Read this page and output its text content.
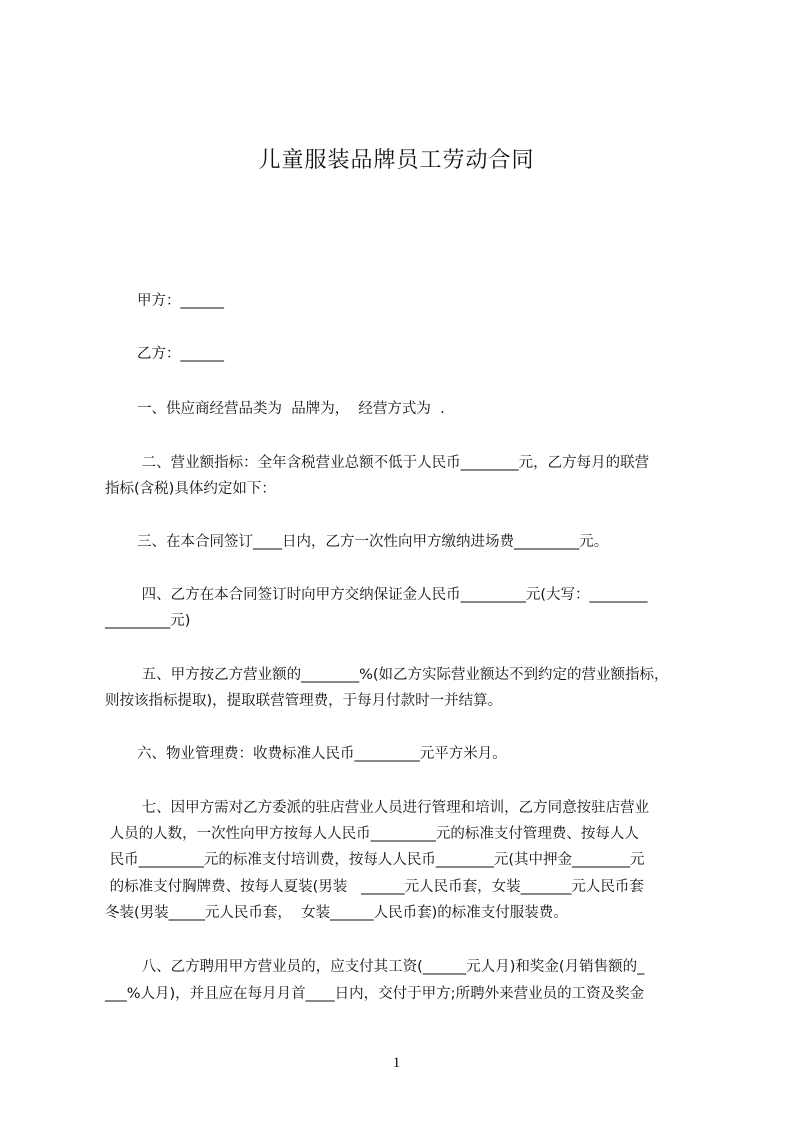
儿童服装品牌员工劳动合同
甲方：______
乙方：______
一、供应商经营品类为  品牌为，  经营方式为  .
二、营业额指标：全年含税营业总额不低于人民币________元，乙方每月的联营
指标(含税)具体约定如下：
三、在本合同签订____日内，乙方一次性向甲方缴纳进场费_________元。
四、乙方在本合同签订时向甲方交纳保证金人民币_________元(大写：________
_________元)
五、甲方按乙方营业额的________%(如乙方实际营业额达不到约定的营业额指标，
则按该指标提取)，提取联营管理费，于每月付款时一并结算。
六、物业管理费：收费标准人民币_________元平方米月。
七、因甲方需对乙方委派的驻店营业人员进行管理和培训，乙方同意按驻店营业
人员的人数，一次性向甲方按每人人民币_________元的标准支付管理费、按每人人
民币_________元的标准支付培训费，按每人人民币________元(其中押金________元
的标准支付胸牌费、按每人夏装(男装   ______元人民币套，女装_______元人民币套
冬装(男装_____元人民币套，  女装______人民币套)的标准支付服装费。
八、乙方聘用甲方营业员的，应支付其工资(______元人月)和奖金(月销售额的_
___%人月)，并且应在每月月首____日内，交付于甲方;所聘外来营业员的工资及奖金
1
